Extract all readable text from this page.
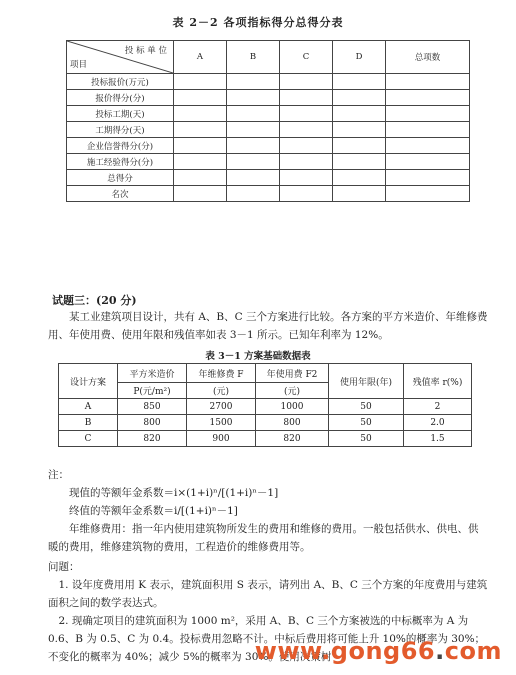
表 2－2 各项指标得分总得分表
投 标 单 位
项目	A	B	C	D	总项数
投标报价(万元)					
报价得分(分)					
投标工期(天)					
工期得分(天)					
企业信誉得分(分)					
施工经验得分(分)					
总得分					
名次					
试题三：(20 分)
某工业建筑项目设计，共有 A、B、C 三个方案进行比较。各方案的平方米造价、年维修费用、年使用费、使用年限和残值率如表 3－1 所示。已知年利率为 12%。
表 3－1 方案基础数据表
设计方案	平方米造价	年维修费 F	年使用费 F2	使用年限(年)	残值率 r(%)
	P(元/m²)	(元)	(元)		
A	850	2700	1000	50	2
B	800	1500	800	50	2.0
C	820	900	820	50	1.5
注：
现值的等额年金系数＝i×(1+i)ⁿ/[(1+i)ⁿ－1]
终值的等额年金系数＝i/[(1+i)ⁿ－1]
年维修费用：指一年内使用建筑物所发生的费用和维修的费用。一般包括供水、供电、供暖的费用，维修建筑物的费用，工程造价的维修费用等。
问题：
1. 设年度费用用 K 表示，建筑面积用 S 表示，请列出 A、B、C 三个方案的年度费用与建筑面积之间的数学表达式。
2. 现确定项目的建筑面积为 1000 m²，采用 A、B、C 三个方案被选的中标概率为 A 为 0.6、B 为 0.5、C 为 0.4。投标费用忽略不计。中标后费用将可能上升 10%的概率为 30%；不变化的概率为 40%；减少 5%的概率为 30%。使用决策树
www.gong66.com
